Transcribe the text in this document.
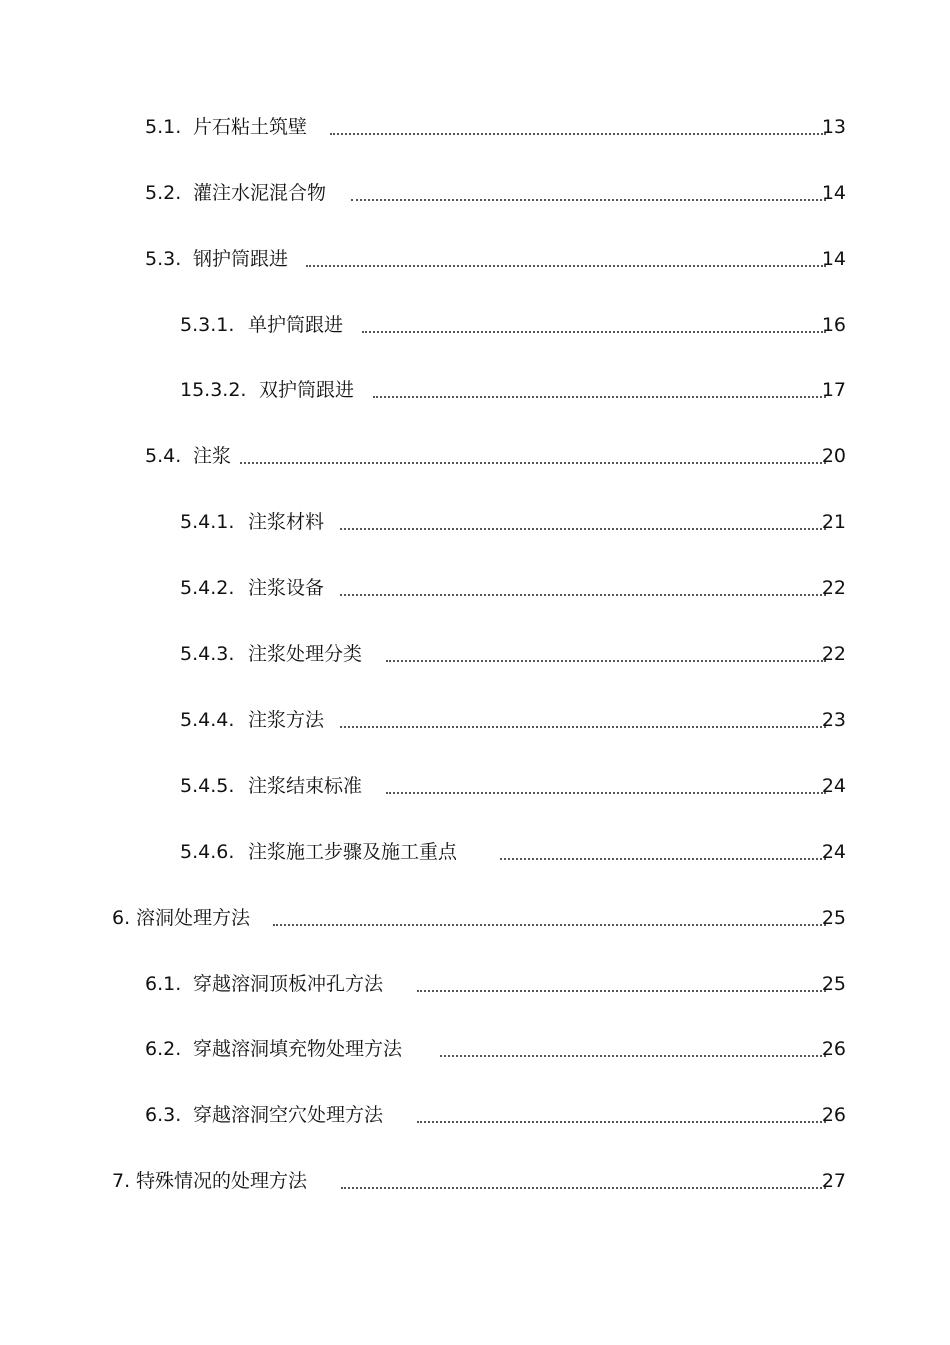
5.1. 片石粘土筑壁	13
5.2. 灌注水泥混合物	14
5.3. 钢护筒跟进	14
5.3.1. 单护筒跟进	16
15.3.2. 双护筒跟进	17
5.4. 注浆	20
5.4.1. 注浆材料	21
5.4.2. 注浆设备	22
5.4.3. 注浆处理分类	22
5.4.4. 注浆方法	23
5.4.5. 注浆结束标准	24
5.4.6. 注浆施工步骤及施工重点	24
6. 溶洞处理方法	25
6.1. 穿越溶洞顶板冲孔方法	25
6.2. 穿越溶洞填充物处理方法	26
6.3. 穿越溶洞空穴处理方法	26
7. 特殊情况的处理方法	27
